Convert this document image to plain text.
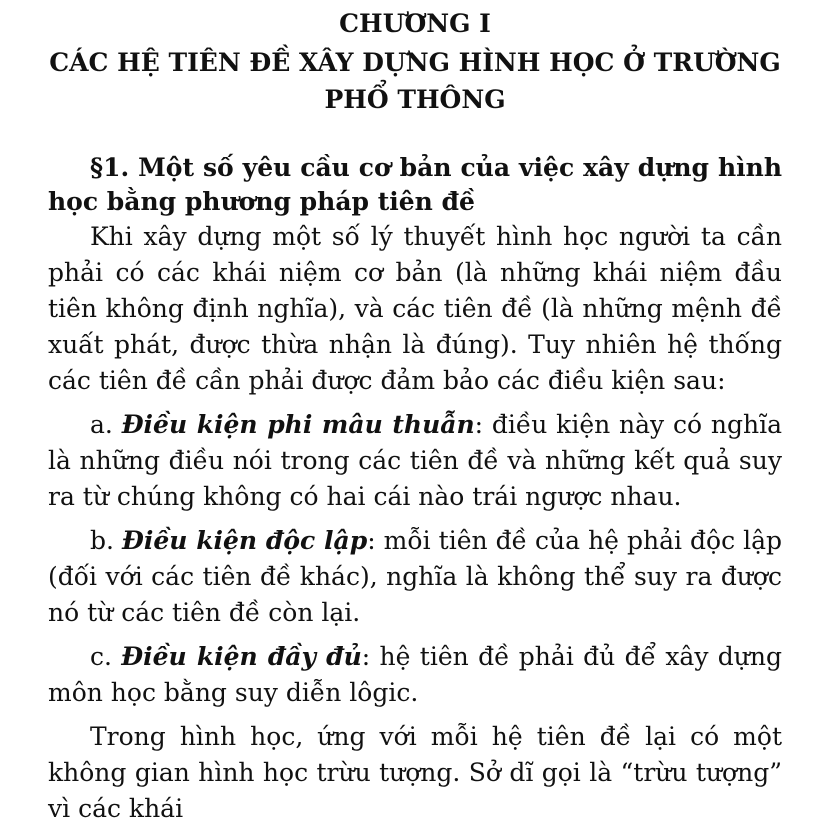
CHƯƠNG I
CÁC HỆ TIÊN ĐỀ XÂY DỰNG HÌNH HỌC Ở TRƯỜNG PHỔ THÔNG
§1. Một số yêu cầu cơ bản của việc xây dựng hình học bằng phương pháp tiên đề

Khi xây dựng một số lý thuyết hình học người ta cần phải có các khái niệm cơ bản (là những khái niệm đầu tiên không định nghĩa), và các tiên đề (là những mệnh đề xuất phát, được thừa nhận là đúng). Tuy nhiên hệ thống các tiên đề cần phải được đảm bảo các điều kiện sau:

a. Điều kiện phi mâu thuẫn: điều kiện này có nghĩa là những điều nói trong các tiên đề và những kết quả suy ra từ chúng không có hai cái nào trái ngược nhau.

b. Điều kiện độc lập: mỗi tiên đề của hệ phải độc lập (đối với các tiên đề khác), nghĩa là không thể suy ra được nó từ các tiên đề còn lại.

c. Điều kiện đầy đủ: hệ tiên đề phải đủ để xây dựng môn học bằng suy diễn lôgic.

Trong hình học, ứng với mỗi hệ tiên đề lại có một không gian hình học trừu tượng. Sở dĩ gọi là “trừu tượng” vì các khái
